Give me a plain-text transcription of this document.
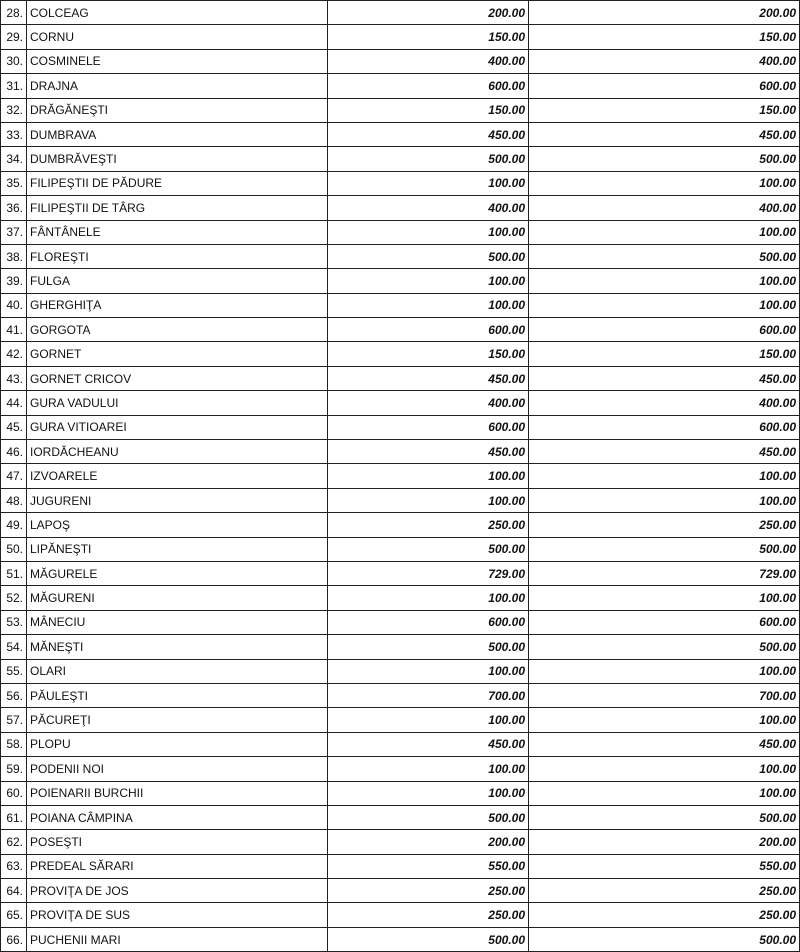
28.	COLCEAG	200.00	200.00
29.	CORNU	150.00	150.00
30.	COSMINELE	400.00	400.00
31.	DRAJNA	600.00	600.00
32.	DRĂGĂNEŞTI	150.00	150.00
33.	DUMBRAVA	450.00	450.00
34.	DUMBRĂVEŞTI	500.00	500.00
35.	FILIPEŞTII DE PĂDURE	100.00	100.00
36.	FILIPEŞTII DE TÂRG	400.00	400.00
37.	FÂNTÂNELE	100.00	100.00
38.	FLOREŞTI	500.00	500.00
39.	FULGA	100.00	100.00
40.	GHERGHIŢA	100.00	100.00
41.	GORGOTA	600.00	600.00
42.	GORNET	150.00	150.00
43.	GORNET CRICOV	450.00	450.00
44.	GURA VADULUI	400.00	400.00
45.	GURA VITIOAREI	600.00	600.00
46.	IORDĂCHEANU	450.00	450.00
47.	IZVOARELE	100.00	100.00
48.	JUGURENI	100.00	100.00
49.	LAPOŞ	250.00	250.00
50.	LIPĂNEŞTI	500.00	500.00
51.	MĂGURELE	729.00	729.00
52.	MĂGURENI	100.00	100.00
53.	MÂNECIU	600.00	600.00
54.	MĂNEŞTI	500.00	500.00
55.	OLARI	100.00	100.00
56.	PĂULEŞTI	700.00	700.00
57.	PĂCUREŢI	100.00	100.00
58.	PLOPU	450.00	450.00
59.	PODENII NOI	100.00	100.00
60.	POIENARII BURCHII	100.00	100.00
61.	POIANA CÂMPINA	500.00	500.00
62.	POSEŞTI	200.00	200.00
63.	PREDEAL SĂRARI	550.00	550.00
64.	PROVIŢA DE JOS	250.00	250.00
65.	PROVIŢA DE SUS	250.00	250.00
66.	PUCHENII MARI	500.00	500.00
